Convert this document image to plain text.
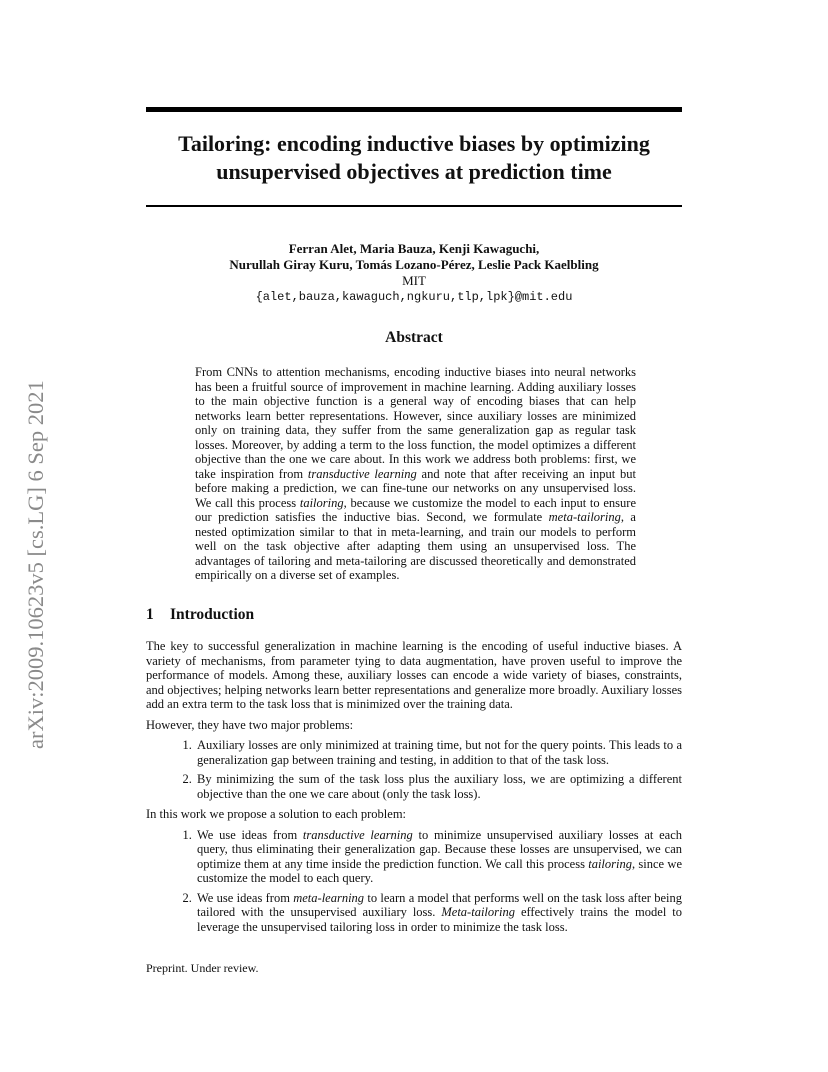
arXiv:2009.10623v5 [cs.LG] 6 Sep 2021
Tailoring: encoding inductive biases by optimizing
unsupervised objectives at prediction time
Ferran Alet, Maria Bauza, Kenji Kawaguchi,
Nurullah Giray Kuru, Tomás Lozano-Pérez, Leslie Pack Kaelbling
MIT
{alet,bauza,kawaguch,ngkuru,tlp,lpk}@mit.edu
Abstract
From CNNs to attention mechanisms, encoding inductive biases into neural networks has been a fruitful source of improvement in machine learning. Adding auxiliary losses to the main objective function is a general way of encoding biases that can help networks learn better representations. However, since auxiliary losses are minimized only on training data, they suffer from the same generalization gap as regular task losses. Moreover, by adding a term to the loss function, the model optimizes a different objective than the one we care about. In this work we address both problems: first, we take inspiration from transductive learning and note that after receiving an input but before making a prediction, we can fine-tune our networks on any unsupervised loss. We call this process tailoring, because we customize the model to each input to ensure our prediction satisfies the inductive bias. Second, we formulate meta-tailoring, a nested optimization similar to that in meta-learning, and train our models to perform well on the task objective after adapting them using an unsupervised loss. The advantages of tailoring and meta-tailoring are discussed theoretically and demonstrated empirically on a diverse set of examples.
1 Introduction

The key to successful generalization in machine learning is the encoding of useful inductive biases. A variety of mechanisms, from parameter tying to data augmentation, have proven useful to improve the performance of models. Among these, auxiliary losses can encode a wide variety of biases, constraints, and objectives; helping networks learn better representations and generalize more broadly. Auxiliary losses add an extra term to the task loss that is minimized over the training data.

However, they have two major problems:

1. Auxiliary losses are only minimized at training time, but not for the query points. This leads to a generalization gap between training and testing, in addition to that of the task loss.
2. By minimizing the sum of the task loss plus the auxiliary loss, we are optimizing a different objective than the one we care about (only the task loss).

In this work we propose a solution to each problem:

1. We use ideas from transductive learning to minimize unsupervised auxiliary losses at each query, thus eliminating their generalization gap. Because these losses are unsupervised, we can optimize them at any time inside the prediction function. We call this process tailoring, since we customize the model to each query.
2. We use ideas from meta-learning to learn a model that performs well on the task loss after being tailored with the unsupervised auxiliary loss. Meta-tailoring effectively trains the model to leverage the unsupervised tailoring loss in order to minimize the task loss.
Preprint. Under review.
